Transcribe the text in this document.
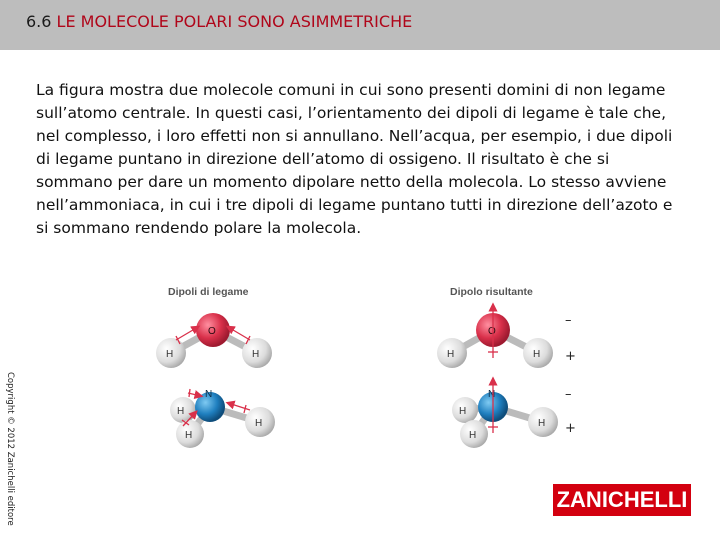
6.6 LE MOLECOLE POLARI SONO ASIMMETRICHE
La figura mostra due molecole comuni in cui sono presenti domini di non legame sull’atomo centrale. In questi casi, l’orientamento dei dipoli di legame è tale che, nel complesso, i loro effetti non si annullano. Nell’acqua, per esempio, i due dipoli di legame puntano in direzione dell’atomo di ossigeno. Il risultato è che si sommano per dare un momento dipolare netto della molecola. Lo stesso avviene nell’ammoniaca, in cui i tre dipoli di legame puntano tutti in direzione dell’azoto e si sommano rendendo polare la molecola.
Dipoli di legame	Dipolo risultante
O
H	H
O
H	H
–
+
N
H
H
H
N
H
H
H
–
+
Copyright © 2012 Zanichelli editore	ZANICHELLI
